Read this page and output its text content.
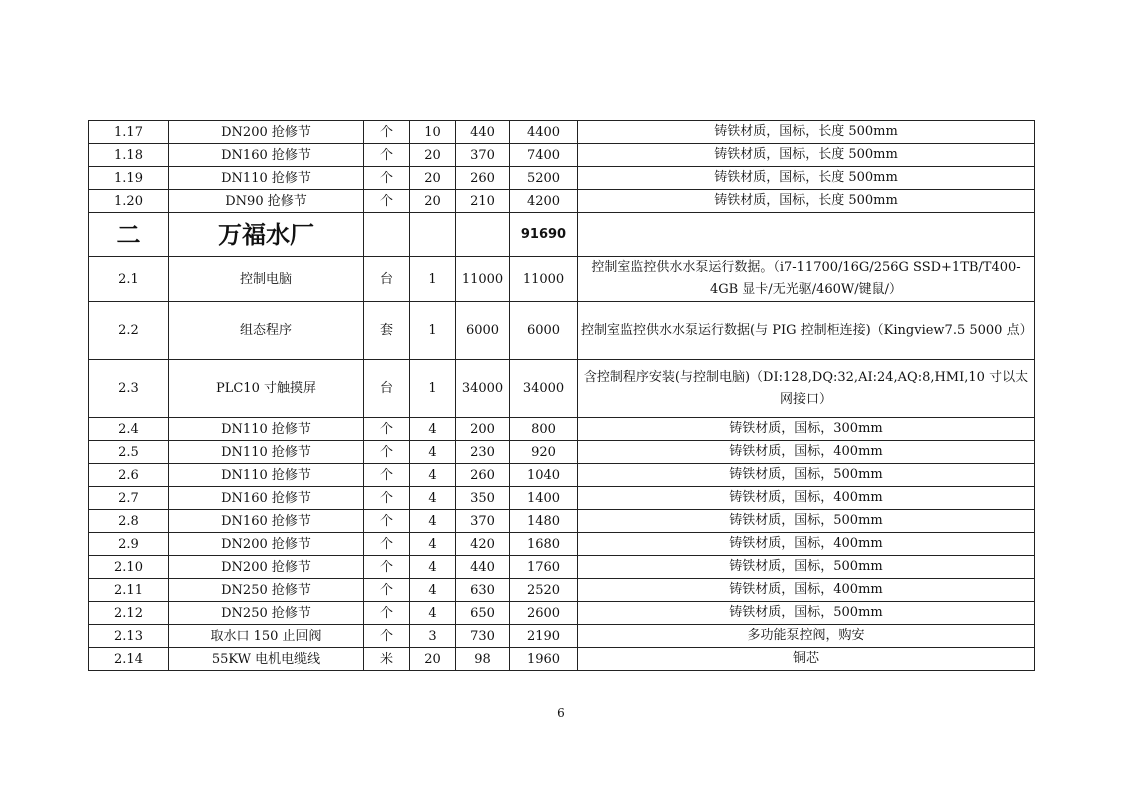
1.17	DN200 抢修节	个	10	440	4400	铸铁材质，国标，长度 500mm
1.18	DN160 抢修节	个	20	370	7400	铸铁材质，国标，长度 500mm
1.19	DN110 抢修节	个	20	260	5200	铸铁材质，国标，长度 500mm
1.20	DN90 抢修节	个	20	210	4200	铸铁材质，国标，长度 500mm
二	万福水厂				91690	
2.1	控制电脑	台	1	11000	11000	控制室监控供水水泵运行数据。（i7-11700/16G/256G SSD+1TB/T400-4GB 显卡/无光驱/460W/键鼠/）
2.2	组态程序	套	1	6000	6000	控制室监控供水水泵运行数据(与 PIG 控制柜连接)（Kingview7.5 5000 点）
2.3	PLC10 寸触摸屏	台	1	34000	34000	含控制程序安装(与控制电脑)（DI:128,DQ:32,AI:24,AQ:8,HMI,10 寸以太网接口）
2.4	DN110 抢修节	个	4	200	800	铸铁材质，国标，300mm
2.5	DN110 抢修节	个	4	230	920	铸铁材质，国标，400mm
2.6	DN110 抢修节	个	4	260	1040	铸铁材质，国标，500mm
2.7	DN160 抢修节	个	4	350	1400	铸铁材质，国标，400mm
2.8	DN160 抢修节	个	4	370	1480	铸铁材质，国标，500mm
2.9	DN200 抢修节	个	4	420	1680	铸铁材质，国标，400mm
2.10	DN200 抢修节	个	4	440	1760	铸铁材质，国标，500mm
2.11	DN250 抢修节	个	4	630	2520	铸铁材质，国标，400mm
2.12	DN250 抢修节	个	4	650	2600	铸铁材质，国标，500mm
2.13	取水口 150 止回阀	个	3	730	2190	多功能泵控阀，购安
2.14	55KW 电机电缆线	米	20	98	1960	铜芯
6
